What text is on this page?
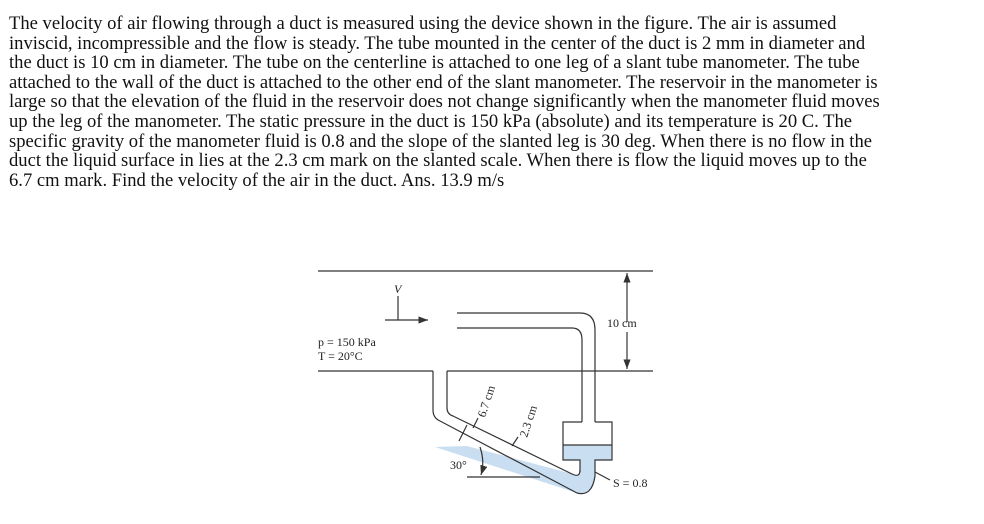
The velocity of air flowing through a duct is measured using the device shown in the figure. The air is assumed
inviscid, incompressible and the flow is steady. The tube mounted in the center of the duct is 2 mm in diameter and
the duct is 10 cm in diameter. The tube on the centerline is attached to one leg of a slant tube manometer. The tube
attached to the wall of the duct is attached to the other end of the slant manometer. The reservoir in the manometer is
large so that the elevation of the fluid in the reservoir does not change significantly when the manometer fluid moves
up the leg of the manometer. The static pressure in the duct is 150 kPa (absolute) and its temperature is 20 C. The
specific gravity of the manometer fluid is 0.8 and the slope of the slanted leg is 30 deg. When there is no flow in the
duct the liquid surface in lies at the 2.3 cm mark on the slanted scale. When there is flow the liquid moves up to the
6.7 cm mark. Find the velocity of the air in the duct. Ans. 13.9 m/s
V
p = 150 kPa
T = 20°C
10 cm
6.7 cm
2.3 cm
30°
S = 0.8
